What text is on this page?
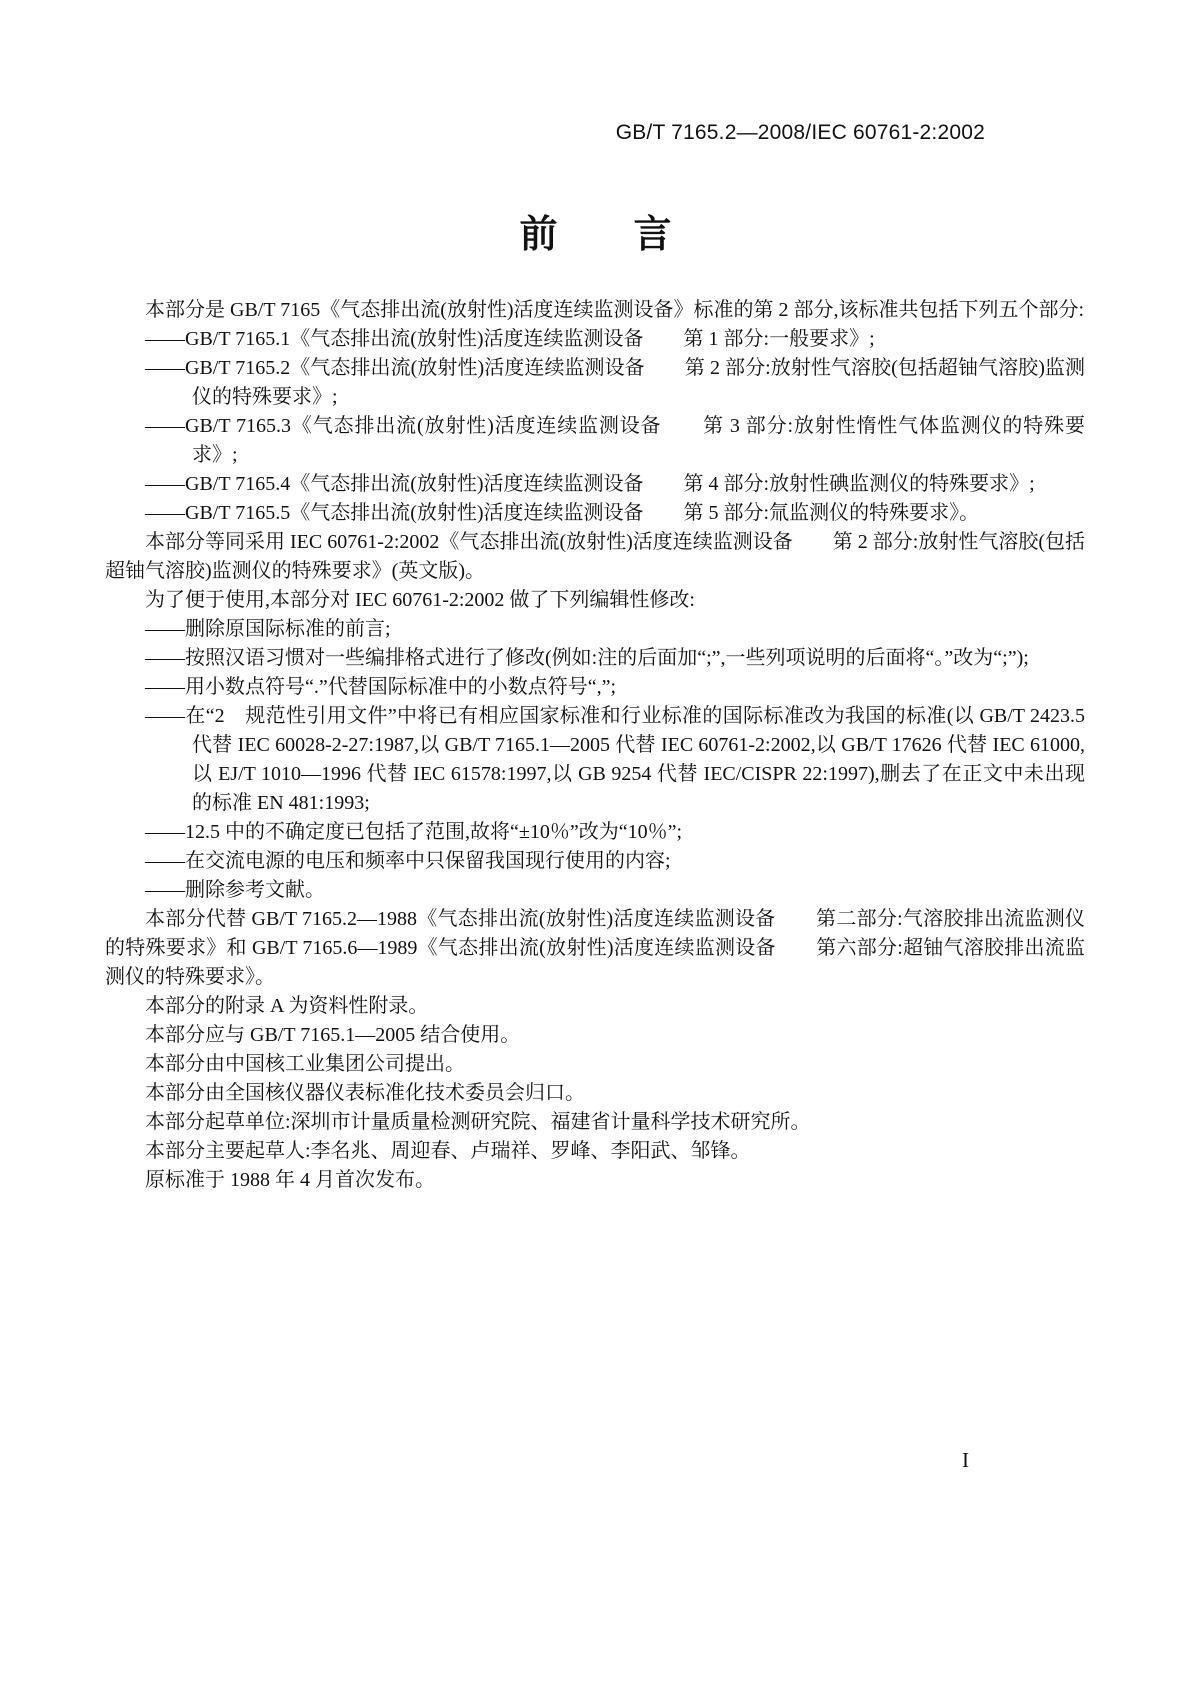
GB/T 7165.2—2008/IEC 60761-2:2002
前　　言

本部分是 GB/T 7165《气态排出流(放射性)活度连续监测设备》标准的第 2 部分,该标准共包括下列五个部分:

——GB/T 7165.1《气态排出流(放射性)活度连续监测设备　　第 1 部分:一般要求》;

——GB/T 7165.2《气态排出流(放射性)活度连续监测设备　　第 2 部分:放射性气溶胶(包括超铀气溶胶)监测仪的特殊要求》;

——GB/T 7165.3《气态排出流(放射性)活度连续监测设备　　第 3 部分:放射性惰性气体监测仪的特殊要求》;

——GB/T 7165.4《气态排出流(放射性)活度连续监测设备　　第 4 部分:放射性碘监测仪的特殊要求》;

——GB/T 7165.5《气态排出流(放射性)活度连续监测设备　　第 5 部分:氚监测仪的特殊要求》。

本部分等同采用 IEC 60761-2:2002《气态排出流(放射性)活度连续监测设备　　第 2 部分:放射性气溶胶(包括超铀气溶胶)监测仪的特殊要求》(英文版)。

为了便于使用,本部分对 IEC 60761-2:2002 做了下列编辑性修改:

——删除原国际标准的前言;

——按照汉语习惯对一些编排格式进行了修改(例如:注的后面加“;”,一些列项说明的后面将“。”改为“;”);

——用小数点符号“.”代替国际标准中的小数点符号“,”;

——在“2　规范性引用文件”中将已有相应国家标准和行业标准的国际标准改为我国的标准(以 GB/T 2423.5 代替 IEC 60028-2-27:1987,以 GB/T 7165.1—2005 代替 IEC 60761-2:2002,以 GB/T 17626 代替 IEC 61000,以 EJ/T 1010—1996 代替 IEC 61578:1997,以 GB 9254 代替 IEC/CISPR 22:1997),删去了在正文中未出现的标准 EN 481:1993;

——12.5 中的不确定度已包括了范围,故将“±10％”改为“10％”;

——在交流电源的电压和频率中只保留我国现行使用的内容;

——删除参考文献。

本部分代替 GB/T 7165.2—1988《气态排出流(放射性)活度连续监测设备　　第二部分:气溶胶排出流监测仪的特殊要求》和 GB/T 7165.6—1989《气态排出流(放射性)活度连续监测设备　　第六部分:超铀气溶胶排出流监测仪的特殊要求》。

本部分的附录 A 为资料性附录。

本部分应与 GB/T 7165.1—2005 结合使用。

本部分由中国核工业集团公司提出。

本部分由全国核仪器仪表标准化技术委员会归口。

本部分起草单位:深圳市计量质量检测研究院、福建省计量科学技术研究所。

本部分主要起草人:李名兆、周迎春、卢瑞祥、罗峰、李阳武、邹锋。

原标准于 1988 年 4 月首次发布。

I
